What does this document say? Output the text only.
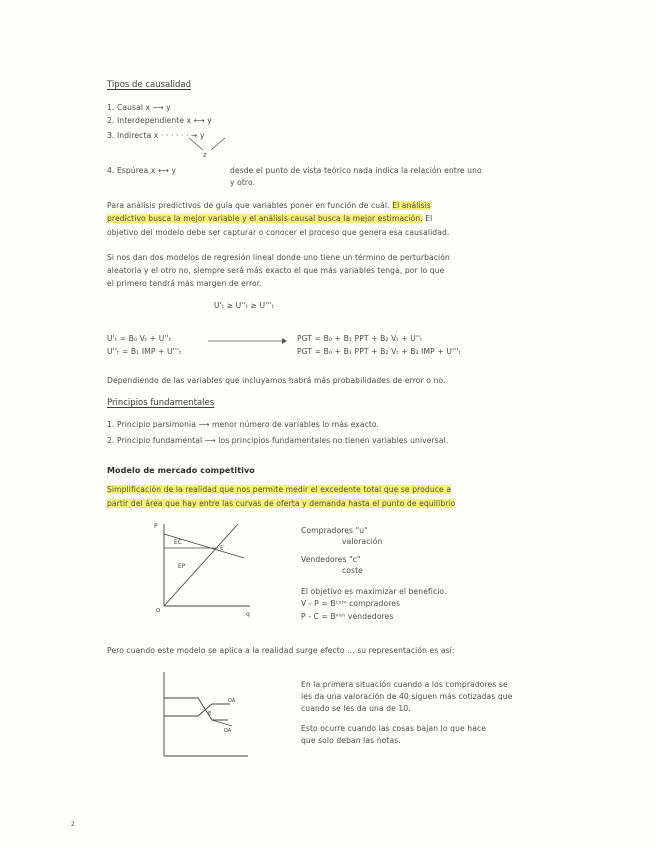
Tipos de causalidad
1. Causal x ⟶ y
2. Interdependiente x ⟷ y
3. Indirecta x · · · · · · → y
z
4. Espúrea x ⟷ y	desde el punto de vista teórico nada indica la relación entre uno
y otro.
Para análisis predictivos de guía que variables poner en función de cuál. El análisis
predictivo busca la mejor variable y el análisis causal busca la mejor estimación. El
objetivo del modelo debe ser capturar o conocer el proceso que genera esa causalidad.
Si nos dan dos modelos de regresión lineal donde uno tiene un término de perturbación
aleatoria y el otro no, siempre será más exacto el que más variables tenga, por lo que
el primero tendrá más margen de error.
U'ₜ ≥ U''ₜ ≥ U'''ₜ
U'ₜ = B₀ Vₜ + U''ₜ
U''ₜ = B₁ IMP + U'''ₜ
PGT = B₀ + B₁ PPT + B₂ Vₜ + U''ₜ
PGT = B₀ + B₁ PPT + B₂ Vₜ + B₃ IMP + U'''ₜ
Dependiendo de las variables que incluyamos habrá más probabilidades de error o no.
Principios fundamentales
1. Principio parsimonia ⟶ menor número de variables lo más exacto.
2. Principio fundamental ⟶ los principios fundamentales no tienen variables universal.
Modelo de mercado competitivo
Simplificación de la realidad que nos permite medir el excedente total que se produce a
partir del área que hay entre las curvas de oferta y demanda hasta el punto de equilibrio
P
q
O
EC
EP
E
Compradores "u"
valoración
Vendedores "c"
coste
El objetivo es maximizar el beneficio.
V - P = Bᶜᵒᵐ compradores
P - C = Bᵛᵉⁿ vendedores
Pero cuando este modelo se aplica a la realidad surge efecto ... su representación es así:
OA
DA
E
En la primera situación cuando a los compradores se
les da una valoración de 40 siguen más cotizadas que
cuando se les da una de 10.
Esto ocurre cuando las cosas bajan lo que hace
que solo deban las notas.
2
